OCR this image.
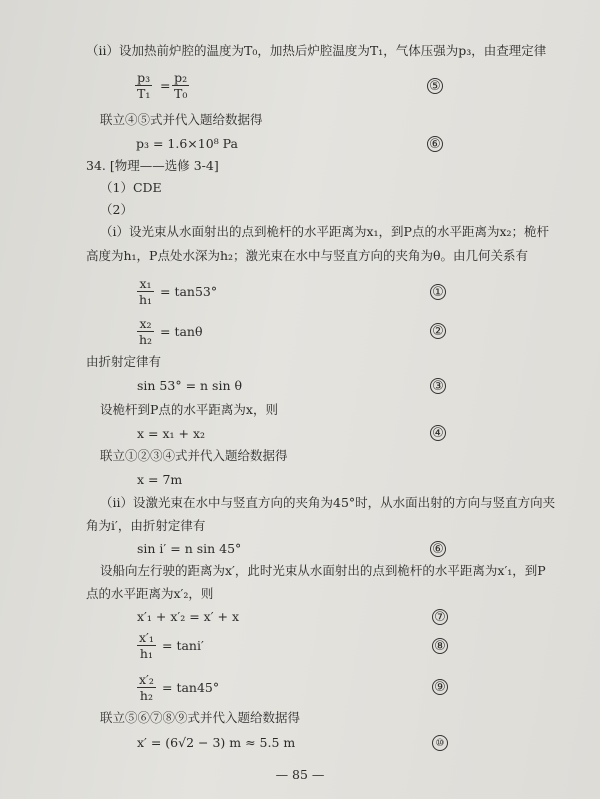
（ii）设加热前炉腔的温度为T₀，加热后炉腔温度为T₁，气体压强为p₃，由查理定律
$\frac{\text{p₃}}{\text{T₁}} = \frac{\text{p₂}}{\text{T₀}}$	⑤
联立④⑤式并代入题给数据得
p₃ = 1.6×10⁸ Pa	⑥
34. [物理——选修 3-4]
（1）CDE
（2）
（i）设光束从水面射出的点到桅杆的水平距离为x₁，到P点的水平距离为x₂；桅杆
高度为h₁，P点处水深为h₂；激光束在水中与竖直方向的夹角为θ。由几何关系有
$\frac{\text{x₁}}{\text{h₁}} = \tan 53^\circ$	①
$\frac{\text{x₂}}{\text{h₂}} = \tan\theta$	②
由折射定律有
sin 53° = n sin θ	③
设桅杆到P点的水平距离为x，则
x = x₁ + x₂	④
联立①②③④式并代入题给数据得
x = 7m
（ii）设激光束在水中与竖直方向的夹角为45°时，从水面出射的方向与竖直方向夹
角为i′，由折射定律有
sin i′ = n sin 45°	⑥
设船向左行驶的距离为x′，此时光束从水面射出的点到桅杆的水平距离为x′₁，到P
点的水平距离为x′₂，则
x′₁ + x′₂ = x′ + x	⑦
$\frac{\text{x′₁}}{\text{h₁}} = \tan i'$	⑧
$\frac{\text{x′₂}}{\text{h₂}} = \tan 45^\circ$	⑨
联立⑤⑥⑦⑧⑨式并代入题给数据得
x′ = (6√2 − 3) m ≈ 5.5 m	⑩
— 85 —
